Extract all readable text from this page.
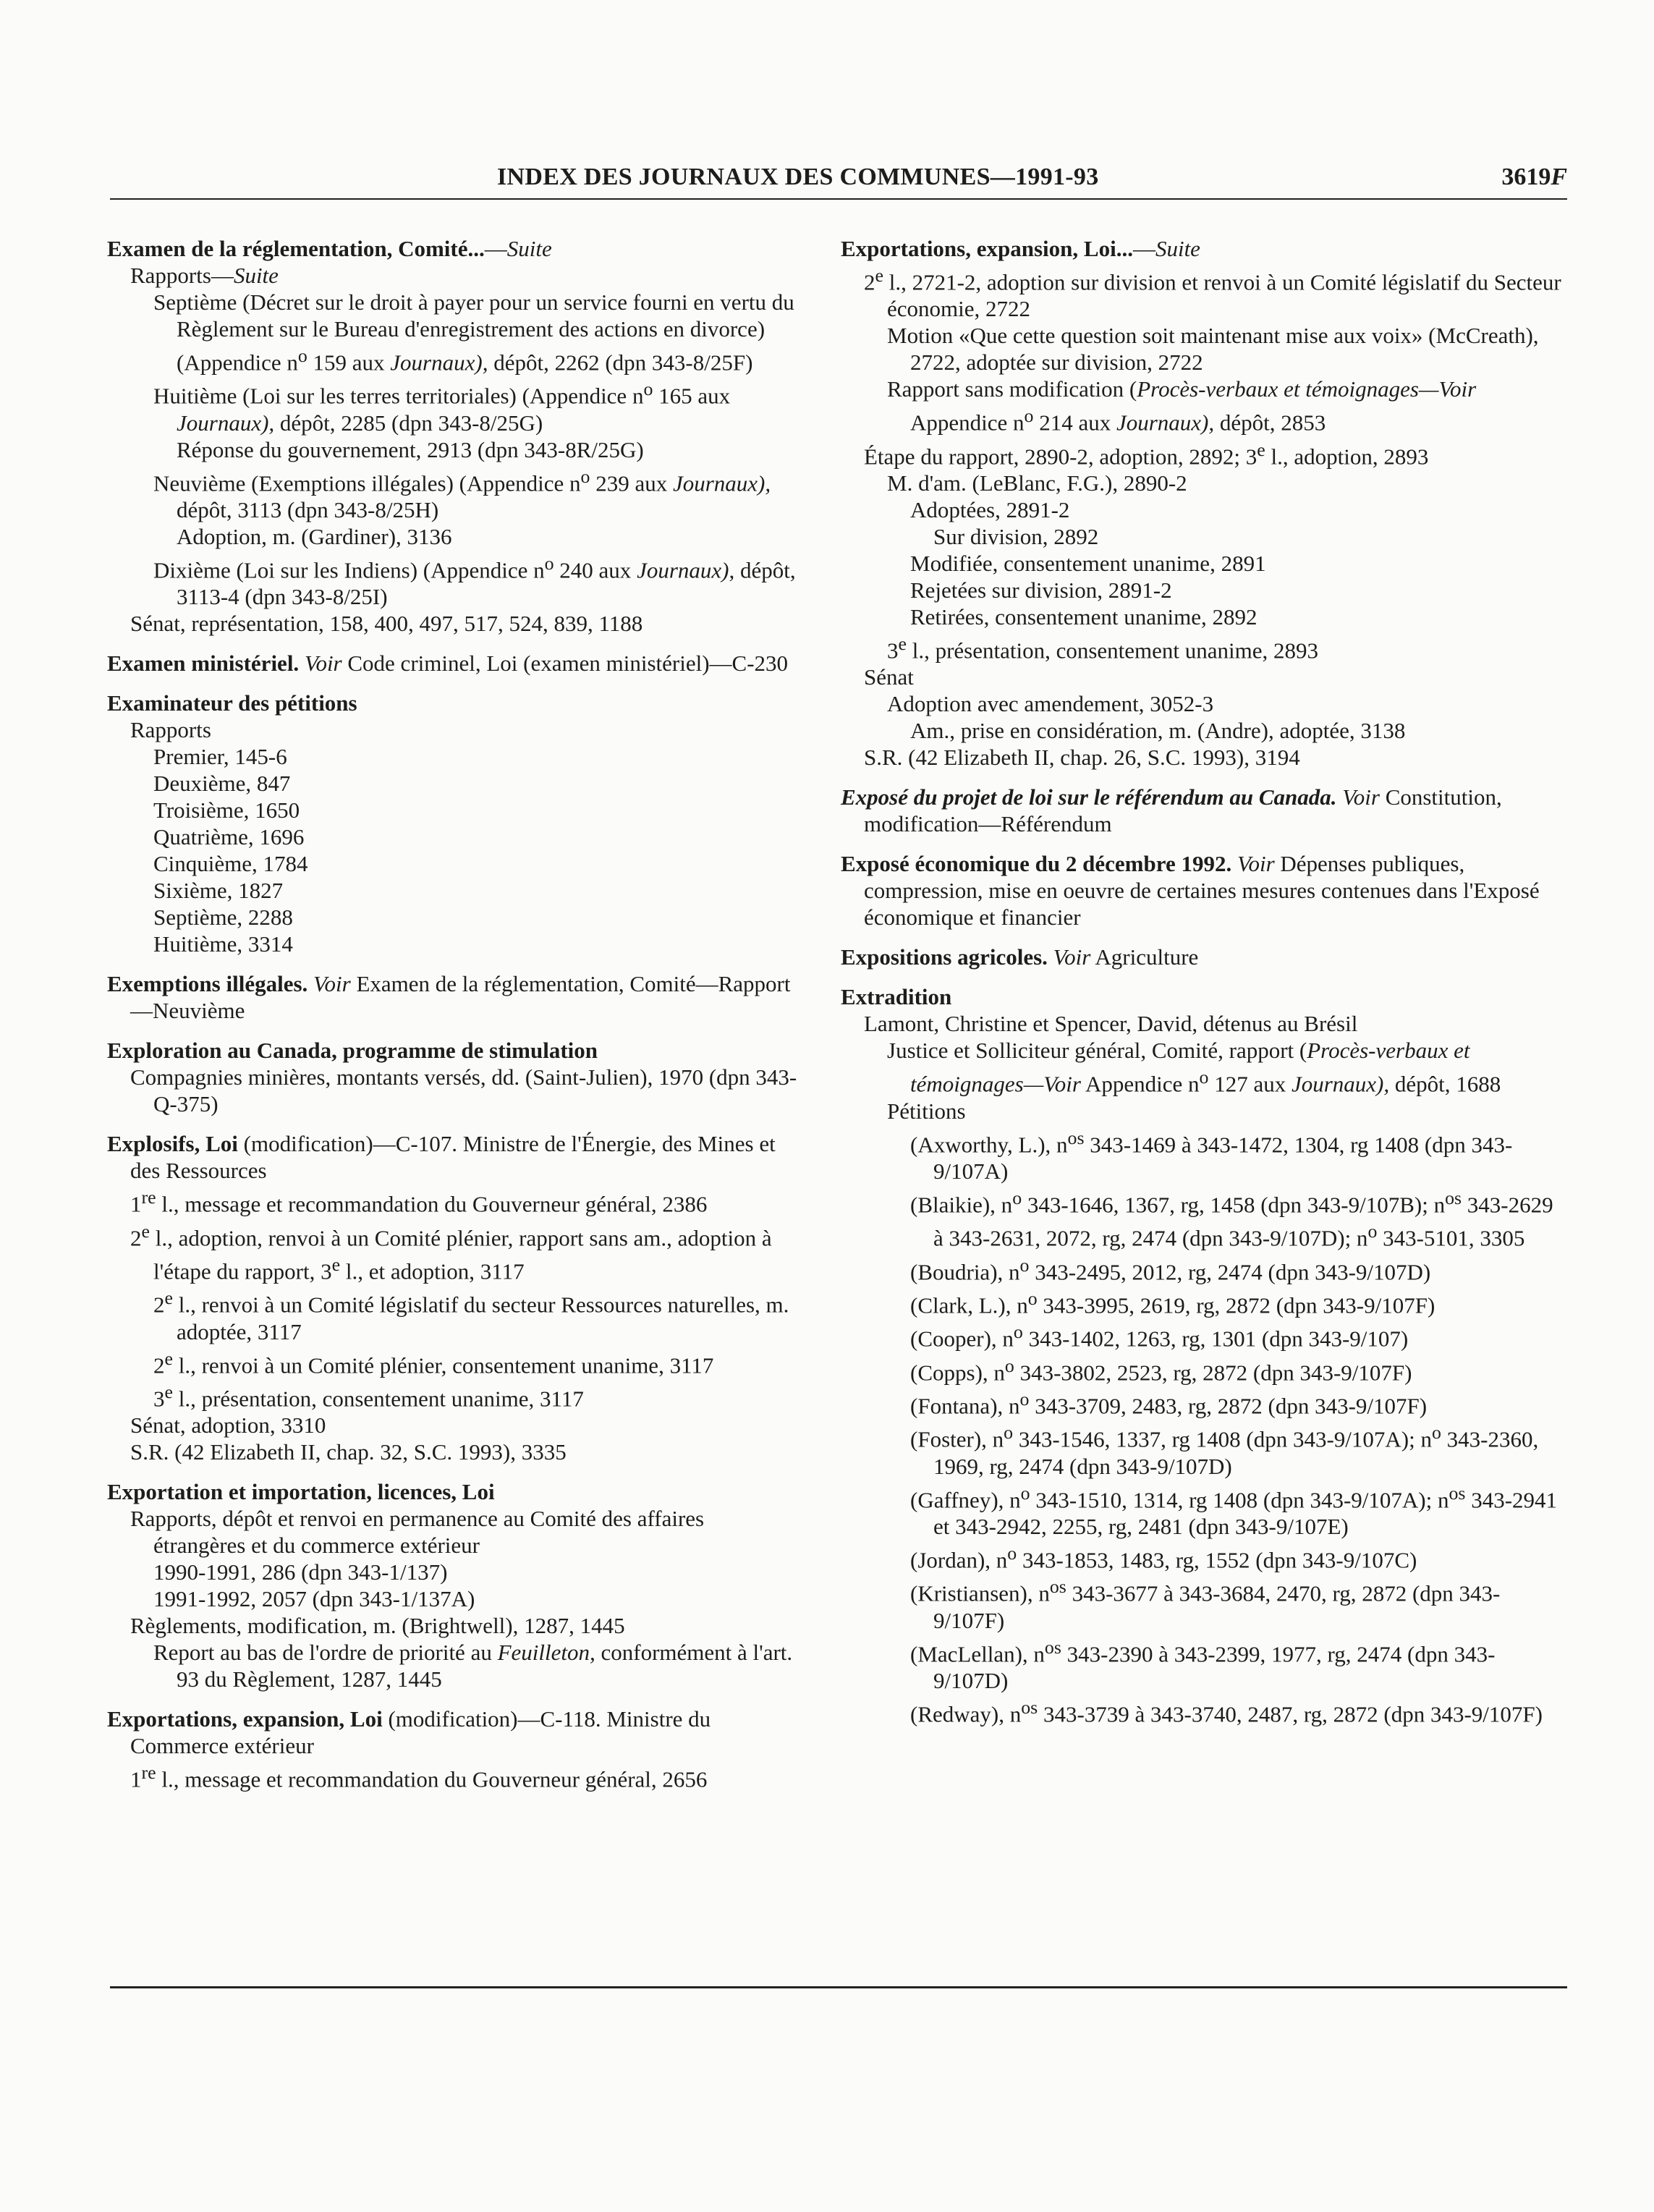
INDEX DES JOURNAUX DES COMMUNES—1991-93	3619F
Examen de la réglementation, Comité...—Suite
Rapports—Suite
Septième (Décret sur le droit à payer pour un service fourni en vertu du Règlement sur le Bureau d'enregistrement des actions en divorce) (Appendice $n^o$ 159 aux Journaux), dépôt, 2262 (dpn 343-8/25F)
Huitième (Loi sur les terres territoriales) (Appendice $n^o$ 165 aux Journaux), dépôt, 2285 (dpn 343-8/25G)
Réponse du gouvernement, 2913 (dpn 343-8R/25G)
Neuvième (Exemptions illégales) (Appendice $n^o$ 239 aux Journaux), dépôt, 3113 (dpn 343-8/25H)
Adoption, m. (Gardiner), 3136
Dixième (Loi sur les Indiens) (Appendice $n^o$ 240 aux Journaux), dépôt, 3113-4 (dpn 343-8/25I)
Sénat, représentation, 158, 400, 497, 517, 524, 839, 1188
Examen ministériel. Voir Code criminel, Loi (examen ministériel)—C-230
Examinateur des pétitions
Rapports
Premier, 145-6
Deuxième, 847
Troisième, 1650
Quatrième, 1696
Cinquième, 1784
Sixième, 1827
Septième, 2288
Huitième, 3314
Exemptions illégales. Voir Examen de la réglementation, Comité—Rapport—Neuvième
Exploration au Canada, programme de stimulation
Compagnies minières, montants versés, dd. (Saint-Julien), 1970 (dpn 343-Q-375)
Explosifs, Loi (modification)—C-107. Ministre de l'Énergie, des Mines et des Ressources
1re l., message et recommandation du Gouverneur général, 2386
2e l., adoption, renvoi à un Comité plénier, rapport sans am., adoption à l'étape du rapport, 3e l., et adoption, 3117
2e l., renvoi à un Comité législatif du secteur Ressources naturelles, m. adoptée, 3117
2e l., renvoi à un Comité plénier, consentement unanime, 3117
3e l., présentation, consentement unanime, 3117
Sénat, adoption, 3310
S.R. (42 Elizabeth II, chap. 32, S.C. 1993), 3335
Exportation et importation, licences, Loi
Rapports, dépôt et renvoi en permanence au Comité des affaires étrangères et du commerce extérieur
1990-1991, 286 (dpn 343-1/137)
1991-1992, 2057 (dpn 343-1/137A)
Règlements, modification, m. (Brightwell), 1287, 1445
Report au bas de l'ordre de priorité au Feuilleton, conformément à l'art. 93 du Règlement, 1287, 1445
Exportations, expansion, Loi (modification)—C-118. Ministre du Commerce extérieur
1re l., message et recommandation du Gouverneur général, 2656
Exportations, expansion, Loi...—Suite
2e l., 2721-2, adoption sur division et renvoi à un Comité législatif du Secteur économie, 2722
Motion «Que cette question soit maintenant mise aux voix» (McCreath), 2722, adoptée sur division, 2722
Rapport sans modification (Procès-verbaux et témoignages—Voir Appendice $n^o$ 214 aux Journaux), dépôt, 2853
Étape du rapport, 2890-2, adoption, 2892; 3e l., adoption, 2893
M. d'am. (LeBlanc, F.G.), 2890-2
Adoptées, 2891-2
Sur division, 2892
Modifiée, consentement unanime, 2891
Rejetées sur division, 2891-2
Retirées, consentement unanime, 2892
3e l., présentation, consentement unanime, 2893
Sénat
Adoption avec amendement, 3052-3
Am., prise en considération, m. (Andre), adoptée, 3138
S.R. (42 Elizabeth II, chap. 26, S.C. 1993), 3194
Exposé du projet de loi sur le référendum au Canada. Voir Constitution, modification—Référendum
Exposé économique du 2 décembre 1992. Voir Dépenses publiques, compression, mise en oeuvre de certaines mesures contenues dans l'Exposé économique et financier
Expositions agricoles. Voir Agriculture
Extradition
Lamont, Christine et Spencer, David, détenus au Brésil
Justice et Solliciteur général, Comité, rapport (Procès-verbaux et témoignages—Voir Appendice $n^o$ 127 aux Journaux), dépôt, 1688
Pétitions
(Axworthy, L.), $n^{os}$ 343-1469 à 343-1472, 1304, rg 1408 (dpn 343-9/107A)
(Blaikie), $n^o$ 343-1646, 1367, rg, 1458 (dpn 343-9/107B); $n^{os}$ 343-2629 à 343-2631, 2072, rg, 2474 (dpn 343-9/107D); $n^o$ 343-5101, 3305
(Boudria), $n^o$ 343-2495, 2012, rg, 2474 (dpn 343-9/107D)
(Clark, L.), $n^o$ 343-3995, 2619, rg, 2872 (dpn 343-9/107F)
(Cooper), $n^o$ 343-1402, 1263, rg, 1301 (dpn 343-9/107)
(Copps), $n^o$ 343-3802, 2523, rg, 2872 (dpn 343-9/107F)
(Fontana), $n^o$ 343-3709, 2483, rg, 2872 (dpn 343-9/107F)
(Foster), $n^o$ 343-1546, 1337, rg 1408 (dpn 343-9/107A); $n^o$ 343-2360, 1969, rg, 2474 (dpn 343-9/107D)
(Gaffney), $n^o$ 343-1510, 1314, rg 1408 (dpn 343-9/107A); $n^{os}$ 343-2941 et 343-2942, 2255, rg, 2481 (dpn 343-9/107E)
(Jordan), $n^o$ 343-1853, 1483, rg, 1552 (dpn 343-9/107C)
(Kristiansen), $n^{os}$ 343-3677 à 343-3684, 2470, rg, 2872 (dpn 343-9/107F)
(MacLellan), $n^{os}$ 343-2390 à 343-2399, 1977, rg, 2474 (dpn 343-9/107D)
(Redway), $n^{os}$ 343-3739 à 343-3740, 2487, rg, 2872 (dpn 343-9/107F)
